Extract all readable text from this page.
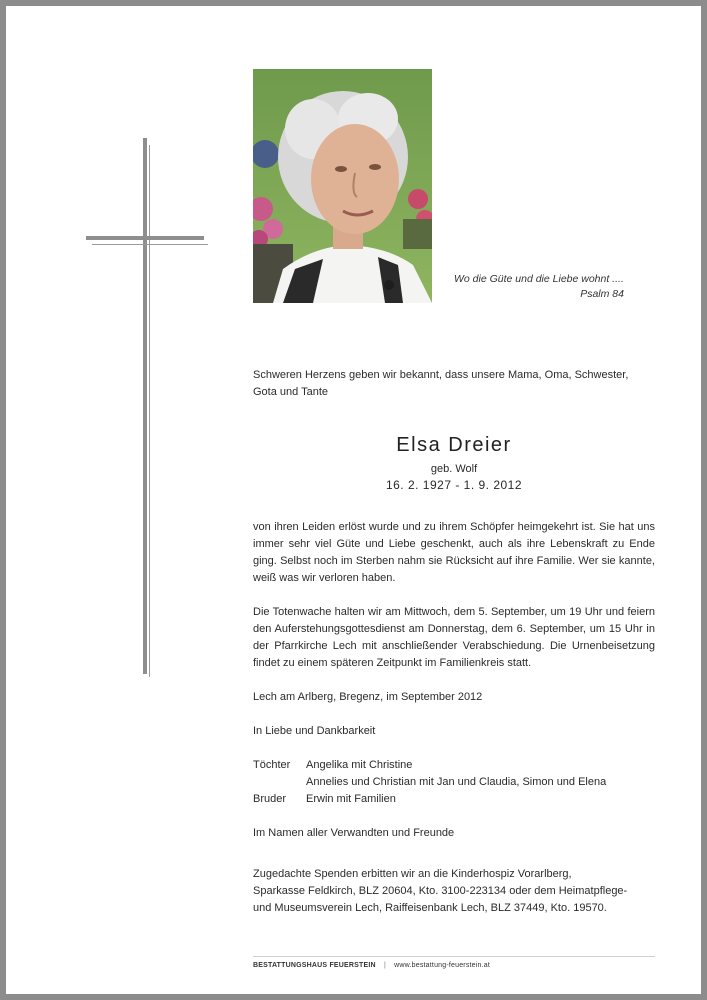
Wo die Güte und die Liebe wohnt ....
Psalm 84
Schweren Herzens geben wir bekannt, dass unsere Mama, Oma, Schwester, Gota und Tante
Elsa Dreier
geb. Wolf
16. 2. 1927 - 1. 9. 2012
von ihren Leiden erlöst wurde und zu ihrem Schöpfer heimgekehrt ist. Sie hat uns immer sehr viel Güte und Liebe geschenkt, auch als ihre Lebenskraft zu Ende ging. Selbst noch im Sterben nahm sie Rücksicht auf ihre Familie. Wer sie kannte, weiß was wir verloren haben.
Die Totenwache halten wir am Mittwoch, dem 5. September, um 19 Uhr und feiern den Auferstehungsgottesdienst am Donnerstag, dem 6. September, um 15 Uhr in der Pfarrkirche Lech mit anschließender Verabschiedung. Die Urnenbeisetzung findet zu einem späteren Zeitpunkt im Familienkreis statt.
Lech am Arlberg, Bregenz, im September 2012
In Liebe und Dankbarkeit
Töchter	Angelika mit Christine
Annelies und Christian mit Jan und Claudia, Simon und Elena
Bruder	Erwin mit Familien
Im Namen aller Verwandten und Freunde
Zugedachte Spenden erbitten wir an die Kinderhospiz Vorarlberg,
Sparkasse Feldkirch, BLZ 20604, Kto. 3100-223134 oder dem Heimatpflege-
und Museumsverein Lech, Raiffeisenbank Lech, BLZ 37449, Kto. 19570.
BESTATTUNGSHAUS FEUERSTEIN | www.bestattung-feuerstein.at
